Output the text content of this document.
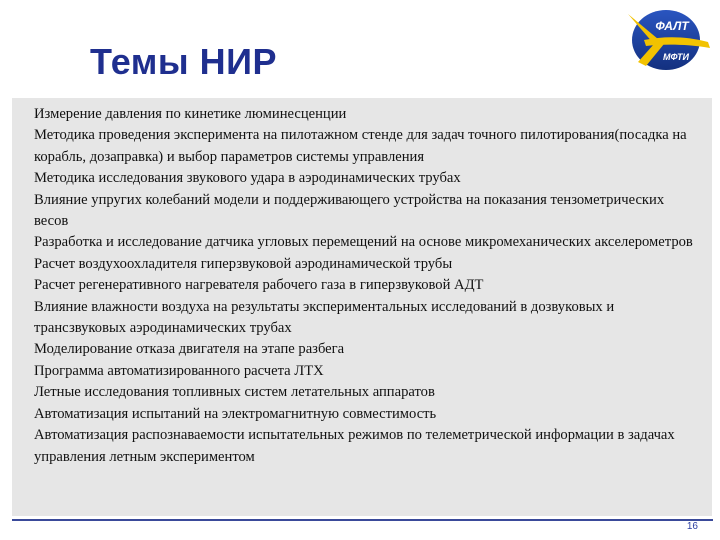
Темы НИР
ФАЛТ
МФТИ
Измерение давления по кинетике люминесценции
Методика проведения эксперимента на пилотажном стенде для задач точного пилотирования(посадка на корабль, дозаправка) и выбор параметров системы управления
Методика исследования звукового удара в аэродинамических трубах
Влияние упругих колебаний модели и поддерживающего устройства на показания тензометрических весов
Разработка и исследование датчика угловых перемещений на основе микромеханических акселерометров
Расчет воздухоохладителя гиперзвуковой аэродинамической трубы
Расчет регенеративного нагревателя рабочего газа в гиперзвуковой АДТ
Влияние влажности воздуха на результаты экспериментальных исследований в дозвуковых и трансзвуковых аэродинамических трубах
Моделирование отказа двигателя на этапе разбега
Программа автоматизированного расчета ЛТХ
Летные исследования топливных систем летательных аппаратов
Автоматизация испытаний на электромагнитную совместимость
Автоматизация распознаваемости испытательных режимов по телеметрической информации в задачах управления летным экспериментом
16
